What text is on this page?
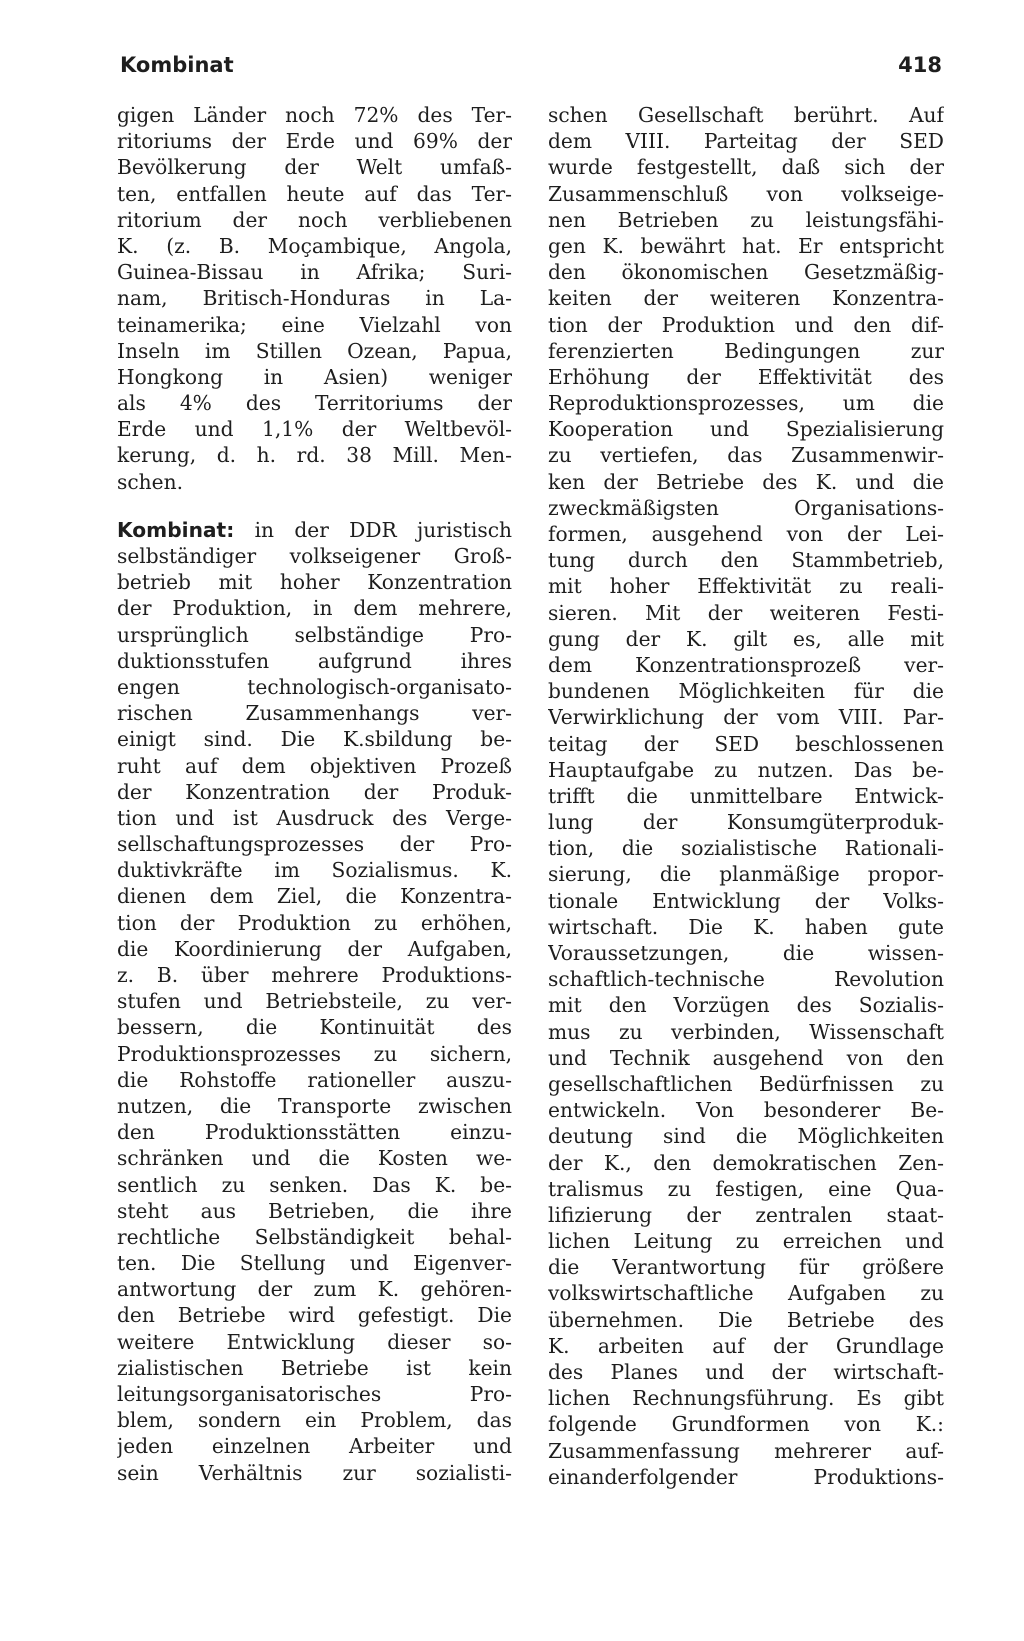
Kombinat	418
gigen Länder noch 72% des Ter-
ritoriums der Erde und 69% der
Bevölkerung der Welt umfaß-
ten, entfallen heute auf das Ter-
ritorium der noch verbliebenen
K. (z. B. Moçambique, Angola,
Guinea-Bissau in Afrika; Suri-
nam, Britisch-Honduras in La-
teinamerika; eine Vielzahl von
Inseln im Stillen Ozean, Papua,
Hongkong in Asien) weniger
als 4% des Territoriums der
Erde und 1,1% der Weltbevöl-
kerung, d. h. rd. 38 Mill. Men-
schen.
Kombinat: in der DDR juristisch
selbständiger volkseigener Groß-
betrieb mit hoher Konzentration
der Produktion, in dem mehrere,
ursprünglich selbständige Pro-
duktionsstufen aufgrund ihres
engen technologisch-organisato-
rischen Zusammenhangs ver-
einigt sind. Die K.sbildung be-
ruht auf dem objektiven Prozeß
der Konzentration der Produk-
tion und ist Ausdruck des Verge-
sellschaftungsprozesses der Pro-
duktivkräfte im Sozialismus. K.
dienen dem Ziel, die Konzentra-
tion der Produktion zu erhöhen,
die Koordinierung der Aufgaben,
z. B. über mehrere Produktions-
stufen und Betriebsteile, zu ver-
bessern, die Kontinuität des
Produktionsprozesses zu sichern,
die Rohstoffe rationeller auszu-
nutzen, die Transporte zwischen
den Produktionsstätten einzu-
schränken und die Kosten we-
sentlich zu senken. Das K. be-
steht aus Betrieben, die ihre
rechtliche Selbständigkeit behal-
ten. Die Stellung und Eigenver-
antwortung der zum K. gehören-
den Betriebe wird gefestigt. Die
weitere Entwicklung dieser so-
zialistischen Betriebe ist kein
leitungsorganisatorisches Pro-
blem, sondern ein Problem, das
jeden einzelnen Arbeiter und
sein Verhältnis zur sozialisti-
schen Gesellschaft berührt. Auf
dem VIII. Parteitag der SED
wurde festgestellt, daß sich der
Zusammenschluß von volkseige-
nen Betrieben zu leistungsfähi-
gen K. bewährt hat. Er entspricht
den ökonomischen Gesetzmäßig-
keiten der weiteren Konzentra-
tion der Produktion und den dif-
ferenzierten Bedingungen zur
Erhöhung der Effektivität des
Reproduktionsprozesses, um die
Kooperation und Spezialisierung
zu vertiefen, das Zusammenwir-
ken der Betriebe des K. und die
zweckmäßigsten Organisations-
formen, ausgehend von der Lei-
tung durch den Stammbetrieb,
mit hoher Effektivität zu reali-
sieren. Mit der weiteren Festi-
gung der K. gilt es, alle mit
dem Konzentrationsprozeß ver-
bundenen Möglichkeiten für die
Verwirklichung der vom VIII. Par-
teitag der SED beschlossenen
Hauptaufgabe zu nutzen. Das be-
trifft die unmittelbare Entwick-
lung der Konsumgüterproduk-
tion, die sozialistische Rationali-
sierung, die planmäßige propor-
tionale Entwicklung der Volks-
wirtschaft. Die K. haben gute
Voraussetzungen, die wissen-
schaftlich-technische Revolution
mit den Vorzügen des Sozialis-
mus zu verbinden, Wissenschaft
und Technik ausgehend von den
gesellschaftlichen Bedürfnissen zu
entwickeln. Von besonderer Be-
deutung sind die Möglichkeiten
der K., den demokratischen Zen-
tralismus zu festigen, eine Qua-
lifizierung der zentralen staat-
lichen Leitung zu erreichen und
die Verantwortung für größere
volkswirtschaftliche Aufgaben zu
übernehmen. Die Betriebe des
K. arbeiten auf der Grundlage
des Planes und der wirtschaft-
lichen Rechnungsführung. Es gibt
folgende Grundformen von K.:
Zusammenfassung mehrerer auf-
einanderfolgender Produktions-
